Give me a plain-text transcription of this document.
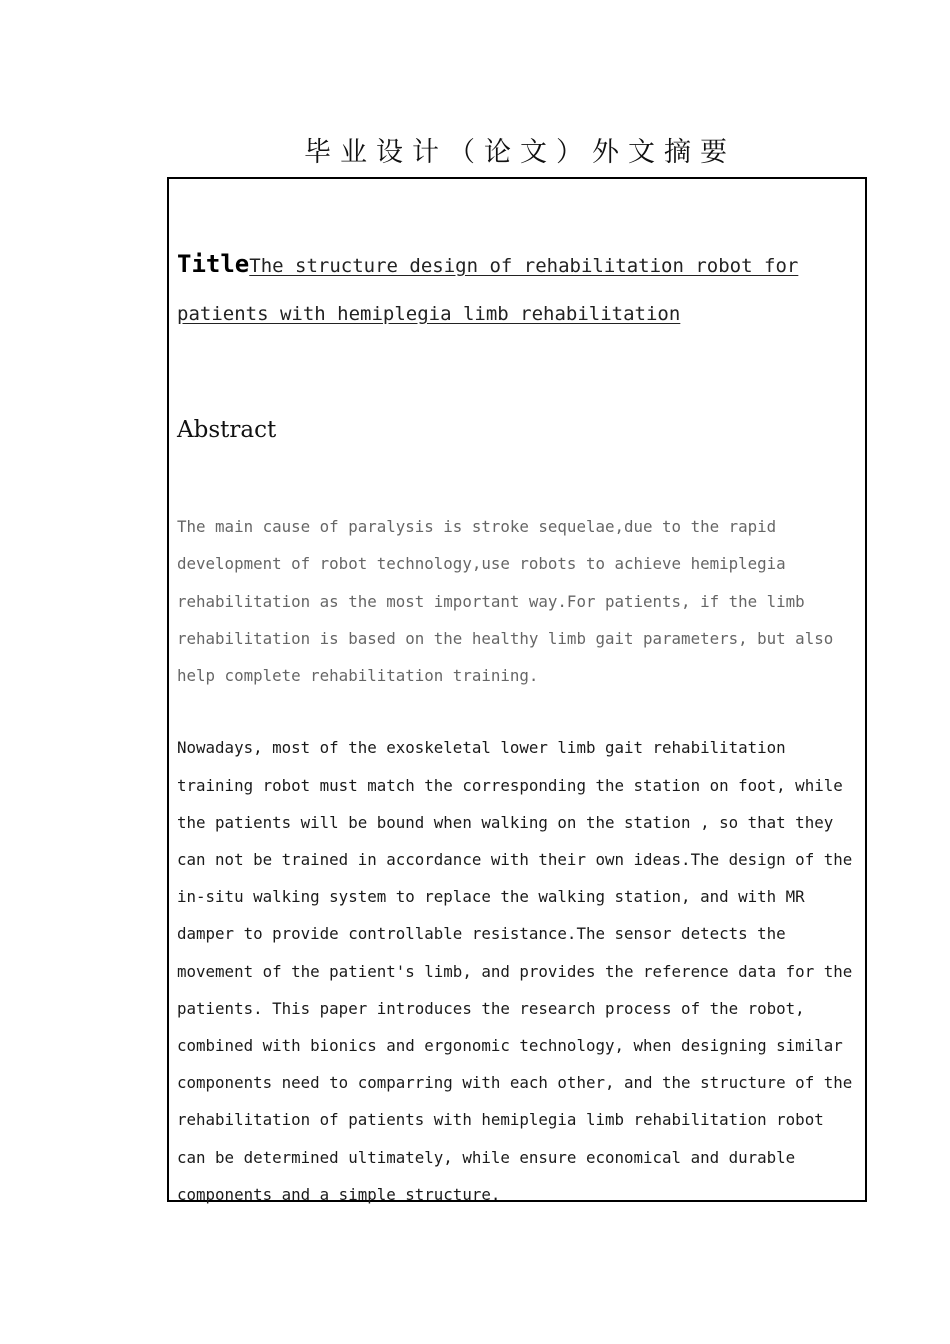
毕业设计（论文）外文摘要
TitleThe structure design of rehabilitation robot for
patients with hemiplegia limb rehabilitation
Abstract

The main cause of paralysis is stroke sequelae,due to the rapid
development of robot technology,use robots to achieve hemiplegia
rehabilitation as the most important way.For patients, if the limb
rehabilitation is based on the healthy limb gait parameters, but also
help complete rehabilitation training.

Nowadays, most of the exoskeletal lower limb gait rehabilitation
training robot must match the corresponding the station on foot, while
the patients will be bound when walking on the station , so that they
can not be trained in accordance with their own ideas.The design of the
in-situ walking system to replace the walking station, and with MR
damper to provide controllable resistance.The sensor detects the
movement of the patient's limb, and provides the reference data for the
patients. This paper introduces the research process of the robot,
combined with bionics and ergonomic technology, when designing similar
components need to comparring with each other, and the structure of the
rehabilitation of patients with hemiplegia limb rehabilitation robot
can be determined ultimately, while ensure economical and durable
components and a simple structure.
